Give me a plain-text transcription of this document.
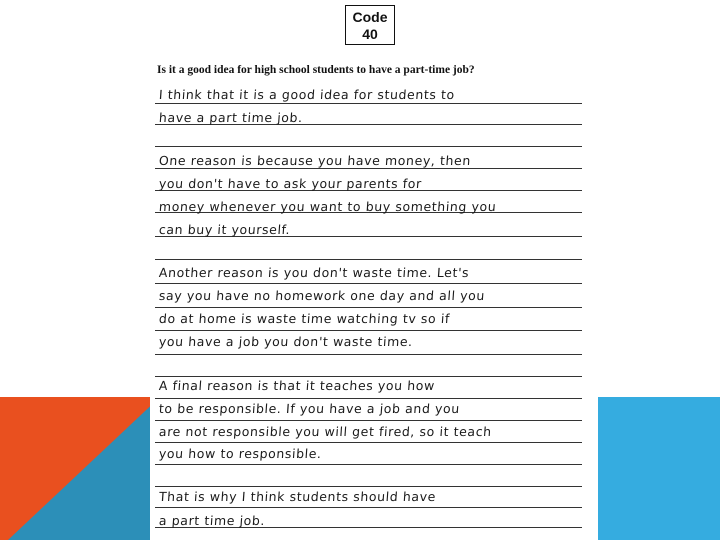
Code
40
Is it a good idea for high school students to have a part-time job?
I think that it is a good idea for students to
have a part time job.
One reason is because you have money, then
you don't have to ask your parents for
money whenever you want to buy something you
can buy it yourself.
Another reason is you don't waste time. Let's
say you have no homework one day and all you
do at home is waste time watching tv so if
you have a job you don't waste time.
A final reason is that it teaches you how
to be responsible. If you have a job and you
are not responsible you will get fired, so it teach
you how to responsible.
That is why I think students should have
a part time job.
